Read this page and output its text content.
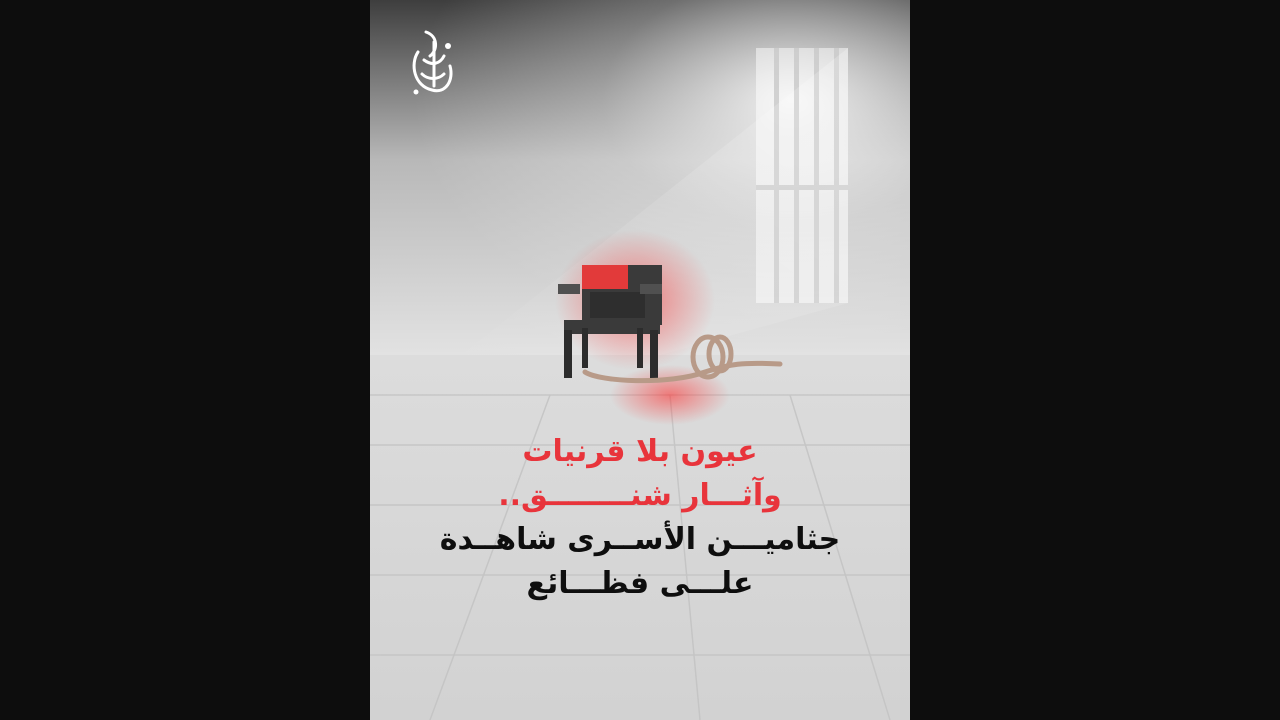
عيون بلا قرنيات
وآثـــار شنــــــــق..
جثاميـــن الأســرى شاهــدة
علـــى فظـــائع
